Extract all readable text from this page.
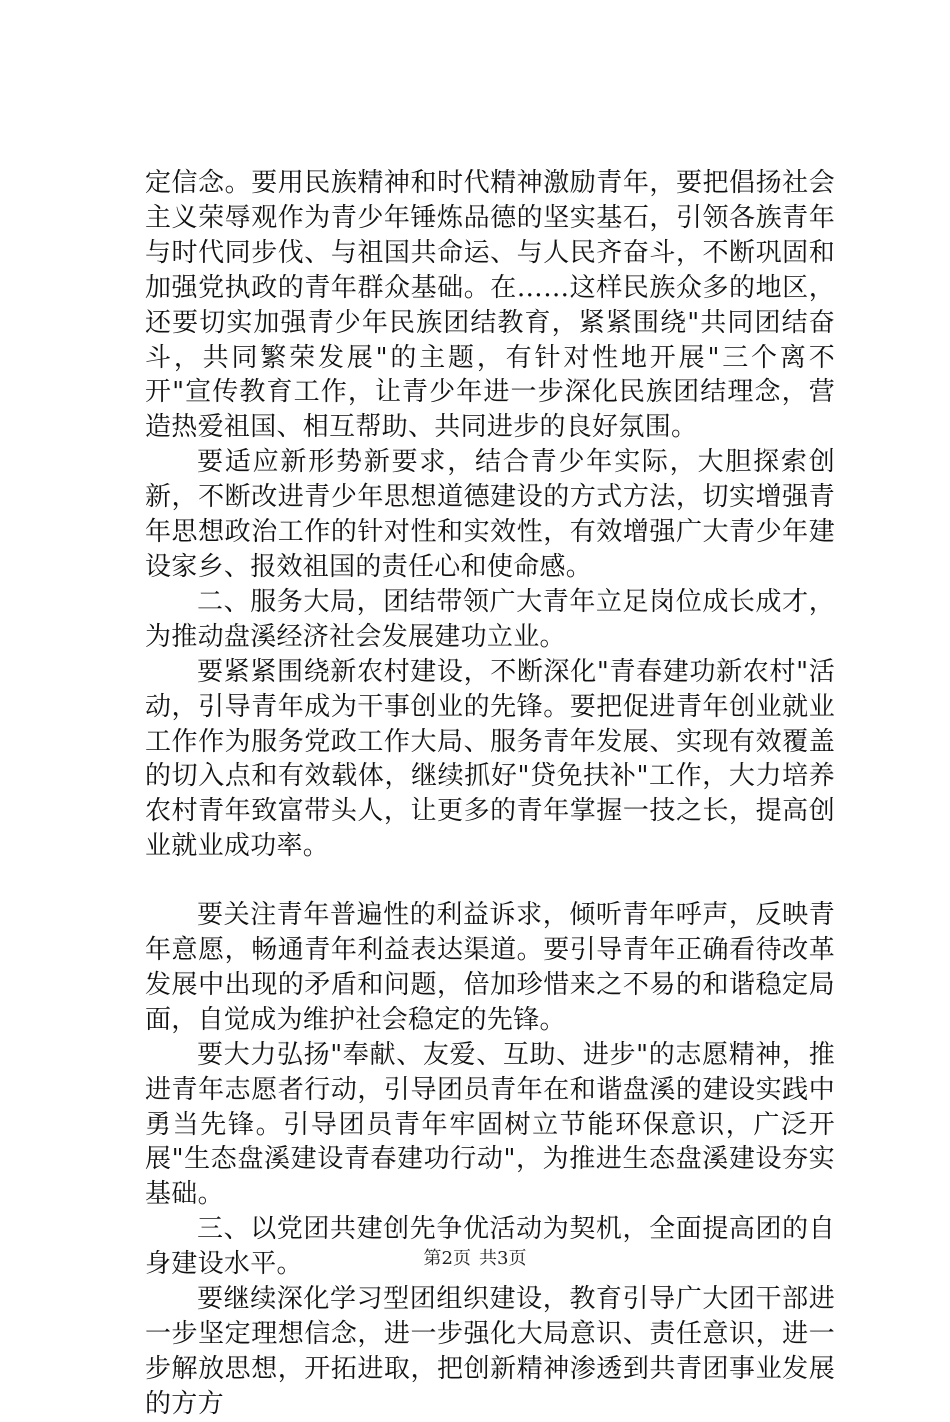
定信念。要用民族精神和时代精神激励青年，要把倡扬社会主义荣辱观作为青少年锤炼品德的坚实基石，引领各族青年与时代同步伐、与祖国共命运、与人民齐奋斗，不断巩固和加强党执政的青年群众基础。在……这样民族众多的地区，还要切实加强青少年民族团结教育，紧紧围绕"共同团结奋斗，共同繁荣发展"的主题，有针对性地开展"三个离不开"宣传教育工作，让青少年进一步深化民族团结理念，营造热爱祖国、相互帮助、共同进步的良好氛围。

要适应新形势新要求，结合青少年实际，大胆探索创新，不断改进青少年思想道德建设的方式方法，切实增强青年思想政治工作的针对性和实效性，有效增强广大青少年建设家乡、报效祖国的责任心和使命感。

二、服务大局，团结带领广大青年立足岗位成长成才，为推动盘溪经济社会发展建功立业。

要紧紧围绕新农村建设，不断深化"青春建功新农村"活动，引导青年成为干事创业的先锋。要把促进青年创业就业工作作为服务党政工作大局、服务青年发展、实现有效覆盖的切入点和有效载体，继续抓好"贷免扶补"工作，大力培养农村青年致富带头人，让更多的青年掌握一技之长，提高创业就业成功率。

要关注青年普遍性的利益诉求，倾听青年呼声，反映青年意愿，畅通青年利益表达渠道。要引导青年正确看待改革发展中出现的矛盾和问题，倍加珍惜来之不易的和谐稳定局面，自觉成为维护社会稳定的先锋。

要大力弘扬"奉献、友爱、互助、进步"的志愿精神，推进青年志愿者行动，引导团员青年在和谐盘溪的建设实践中勇当先锋。引导团员青年牢固树立节能环保意识，广泛开展"生态盘溪建设青春建功行动"，为推进生态盘溪建设夯实基础。

三、以党团共建创先争优活动为契机，全面提高团的自身建设水平。

要继续深化学习型团组织建设，教育引导广大团干部进一步坚定理想信念，进一步强化大局意识、责任意识，进一步解放思想，开拓进取，把创新精神渗透到共青团事业发展的方方

第2页 共3页
